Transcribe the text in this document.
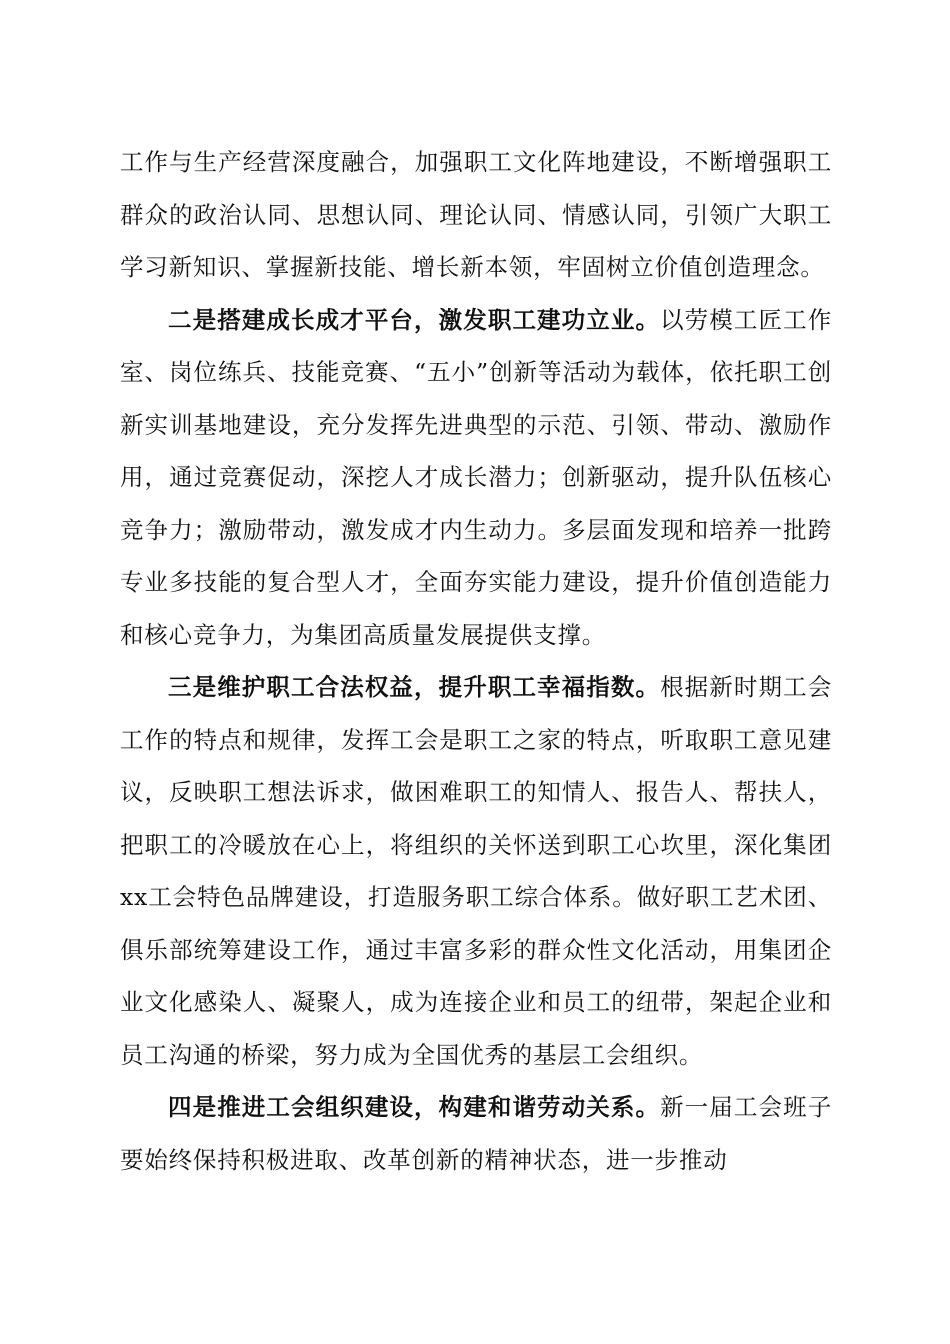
工作与生产经营深度融合，加强职工文化阵地建设，不断增强职工群众的政治认同、思想认同、理论认同、情感认同，引领广大职工学习新知识、掌握新技能、增长新本领，牢固树立价值创造理念。

二是搭建成长成才平台，激发职工建功立业。以劳模工匠工作室、岗位练兵、技能竞赛、“五小”创新等活动为载体，依托职工创新实训基地建设，充分发挥先进典型的示范、引领、带动、激励作用，通过竞赛促动，深挖人才成长潜力；创新驱动，提升队伍核心竞争力；激励带动，激发成才内生动力。多层面发现和培养一批跨专业多技能的复合型人才，全面夯实能力建设，提升价值创造能力和核心竞争力，为集团高质量发展提供支撑。

三是维护职工合法权益，提升职工幸福指数。根据新时期工会工作的特点和规律，发挥工会是职工之家的特点，听取职工意见建议，反映职工想法诉求，做困难职工的知情人、报告人、帮扶人，把职工的冷暖放在心上，将组织的关怀送到职工心坎里，深化集团xx工会特色品牌建设，打造服务职工综合体系。做好职工艺术团、俱乐部统筹建设工作，通过丰富多彩的群众性文化活动，用集团企业文化感染人、凝聚人，成为连接企业和员工的纽带，架起企业和员工沟通的桥梁，努力成为全国优秀的基层工会组织。

四是推进工会组织建设，构建和谐劳动关系。新一届工会班子要始终保持积极进取、改革创新的精神状态，进一步推动
